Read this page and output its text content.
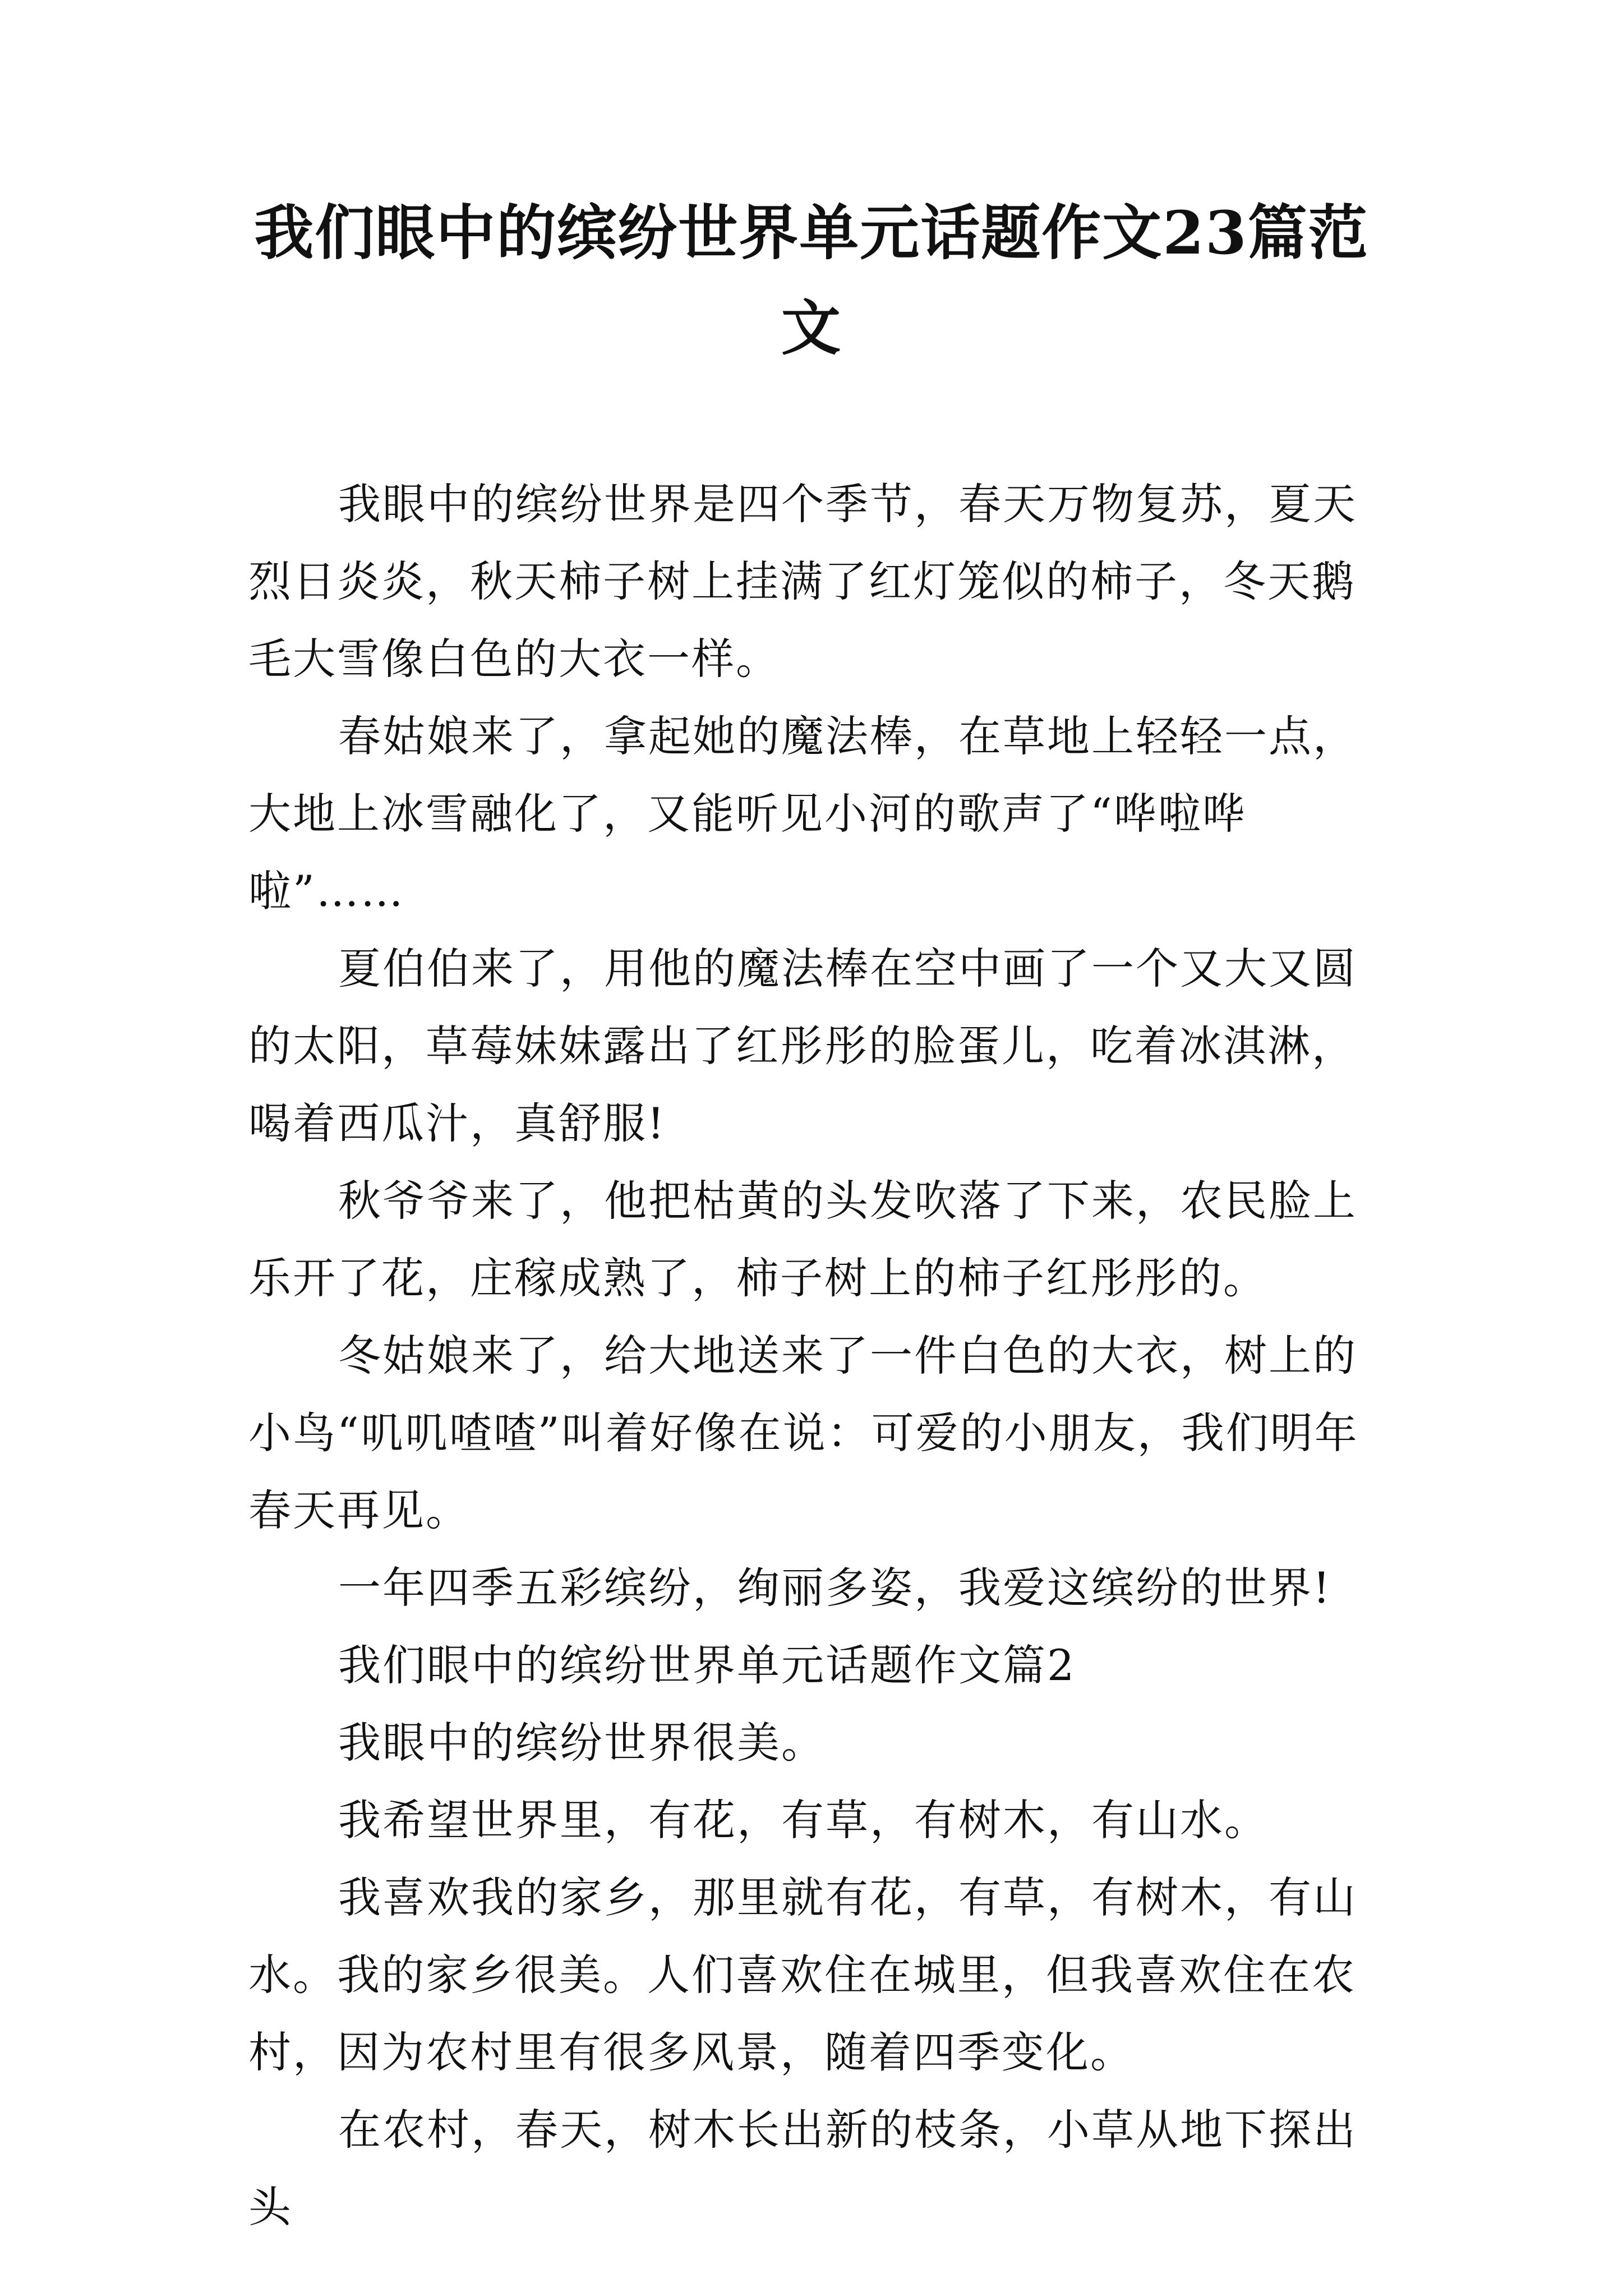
我们眼中的缤纷世界单元话题作文23篇范文

我眼中的缤纷世界是四个季节，春天万物复苏，夏天烈日炎炎，秋天柿子树上挂满了红灯笼似的柿子，冬天鹅毛大雪像白色的大衣一样。

春姑娘来了，拿起她的魔法棒，在草地上轻轻一点，大地上冰雪融化了，又能听见小河的歌声了“哗啦哗啦”……

夏伯伯来了，用他的魔法棒在空中画了一个又大又圆的太阳，草莓妹妹露出了红彤彤的脸蛋儿，吃着冰淇淋，喝着西瓜汁，真舒服!

秋爷爷来了，他把枯黄的头发吹落了下来，农民脸上乐开了花，庄稼成熟了，柿子树上的柿子红彤彤的。

冬姑娘来了，给大地送来了一件白色的大衣，树上的小鸟“叽叽喳喳”叫着好像在说：可爱的小朋友，我们明年春天再见。

一年四季五彩缤纷，绚丽多姿，我爱这缤纷的世界!

我们眼中的缤纷世界单元话题作文篇2

我眼中的缤纷世界很美。

我希望世界里，有花，有草，有树木，有山水。

我喜欢我的家乡，那里就有花，有草，有树木，有山水。我的家乡很美。人们喜欢住在城里，但我喜欢住在农村，因为农村里有很多风景，随着四季变化。

在农村，春天，树木长出新的枝条，小草从地下探出头
